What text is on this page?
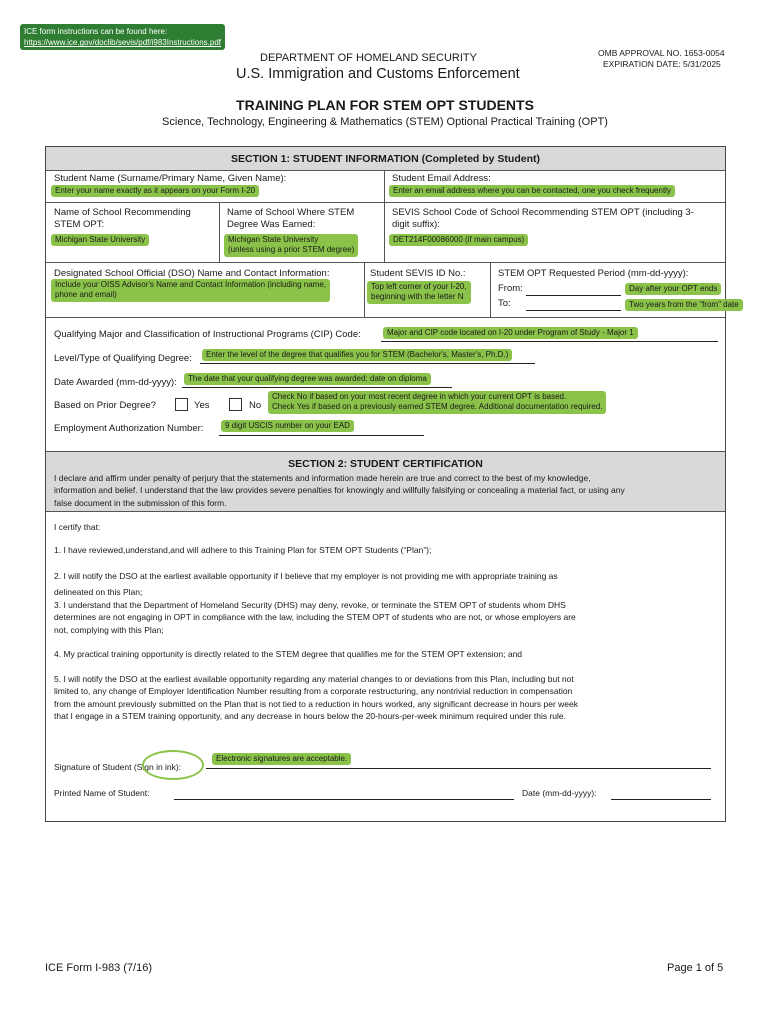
ICE form instructions can be found here:
https://www.ice.gov/doclib/sevis/pdf/i983Instructions.pdf
DEPARTMENT OF HOMELAND SECURITY
U.S. Immigration and Customs Enforcement
OMB APPROVAL NO. 1653-0054
EXPIRATION DATE: 5/31/2025
TRAINING PLAN FOR STEM OPT STUDENTS
Science, Technology, Engineering & Mathematics (STEM) Optional Practical Training (OPT)
SECTION 1: STUDENT INFORMATION (Completed by Student)
Student Name (Surname/Primary Name, Given Name):
Enter your name exactly as it appears on your Form I-20
Student Email Address:
Enter an email address where you can be contacted, one you check frequently
Name of School Recommending
STEM OPT:
Michigan State University
Name of School Where STEM
Degree Was Earned:
Michigan State University
(unless using a prior STEM degree)
SEVIS School Code of School Recommending STEM OPT (including 3-
digit suffix):
DET214F00086000 (if main campus)
Designated School Official (DSO) Name and Contact Information:
Include your OISS Advisor's Name and Contact Information (including name,
phone and email)
Student SEVIS ID No.:
Top left corner of your I-20,
beginning with the letter N
STEM OPT Requested Period (mm-dd-yyyy):
From:	Day after your OPT ends
To:	Two years from the "from" date
Qualifying Major and Classification of Instructional Programs (CIP) Code:	Major and CIP code located on I-20 under Program of Study - Major 1
Level/Type of Qualifying Degree:	Enter the level of the degree that qualifies you for STEM (Bachelor's, Master's, Ph.D.)
Date Awarded (mm-dd-yyyy):	The date that your qualifying degree was awarded; date on diploma
Based on Prior Degree?	Yes	No
Check No if based on your most recent degree in which your current OPT is based.
Check Yes if based on a previously earned STEM degree. Additional documentation required.
Employment Authorization Number:	9 digit USCIS number on your EAD
SECTION 2: STUDENT CERTIFICATION
I declare and affirm under penalty of perjury that the statements and information made herein are true and correct to the best of my knowledge,
information and belief. I understand that the law provides severe penalties for knowingly and willfully falsifying or concealing a material fact, or using any
false document in the submission of this form.
I certify that:
1. I have reviewed,understand,and will adhere to this Training Plan for STEM OPT Students (“Plan”);
2. I will notify the DSO at the earliest available opportunity if I believe that my employer is not providing me with appropriate training as
delineated on this Plan;
3. I understand that the Department of Homeland Security (DHS) may deny, revoke, or terminate the STEM OPT of students whom DHS
determines are not engaging in OPT in compliance with the law, including the STEM OPT of students who are not, or whose employers are
not, complying with this Plan;
4. My practical training opportunity is directly related to the STEM degree that qualifies me for the STEM OPT extension; and
5. I will notify the DSO at the earliest available opportunity regarding any material changes to or deviations from this Plan, including but not
limited to, any change of Employer Identification Number resulting from a corporate restructuring, any nontrivial reduction in compensation
from the amount previously submitted on the Plan that is not tied to a reduction in hours worked, any significant decrease in hours per week
that I engage in a STEM training opportunity, and any decrease in hours below the 20-hours-per-week minimum required under this rule.
Signature of Student (Sign in ink):
Electronic signatures are acceptable.
Printed Name of Student:	Date (mm-dd-yyyy):
ICE Form I-983 (7/16)	Page 1 of 5
